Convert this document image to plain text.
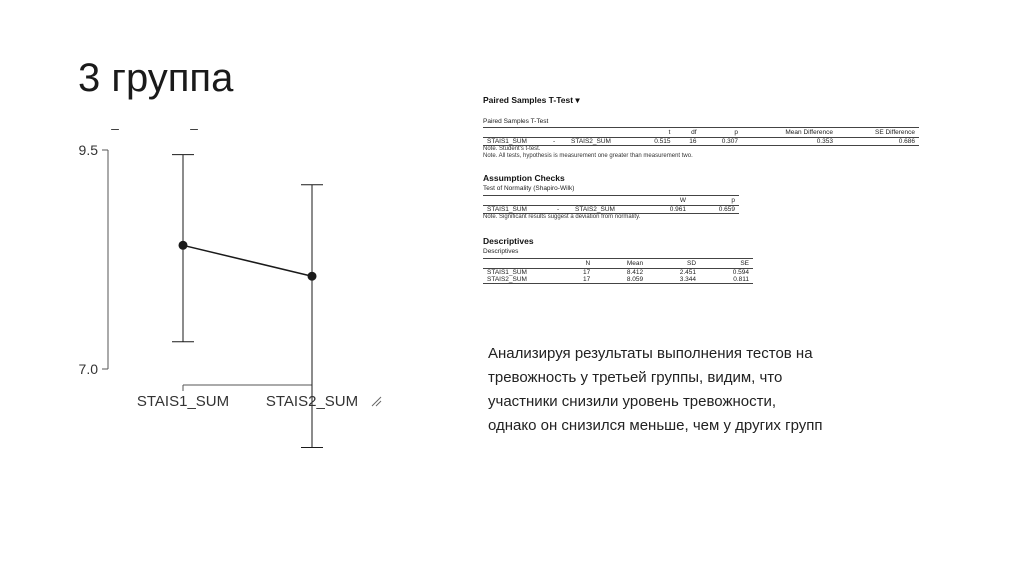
3 группа
7.0
9.5
–	–
STAIS1_SUM STAIS2_SUM

Paired Samples T-Test ▾

Paired Samples T-Test

			t	df	p	Mean Difference	SE Difference
STAIS1_SUM	-	STAIS2_SUM	0.515	16	0.307	0.353	0.686

Note. Student's t-test.

Note. All tests, hypothesis is measurement one greater than measurement two.

Assumption Checks

Test of Normality (Shapiro-Wilk)

			W	p
STAIS1_SUM	-	STAIS2_SUM	0.961	0.659

Note. Significant results suggest a deviation from normality.

Descriptives

Descriptives

	N	Mean	SD	SE
STAIS1_SUM	17	8.412	2.451	0.594
STAIS2_SUM	17	8.059	3.344	0.811

Анализируя результаты выполнения тестов на
тревожность у третьей группы, видим, что
участники снизили уровень тревожности,
однако он снизился меньше, чем у других групп
